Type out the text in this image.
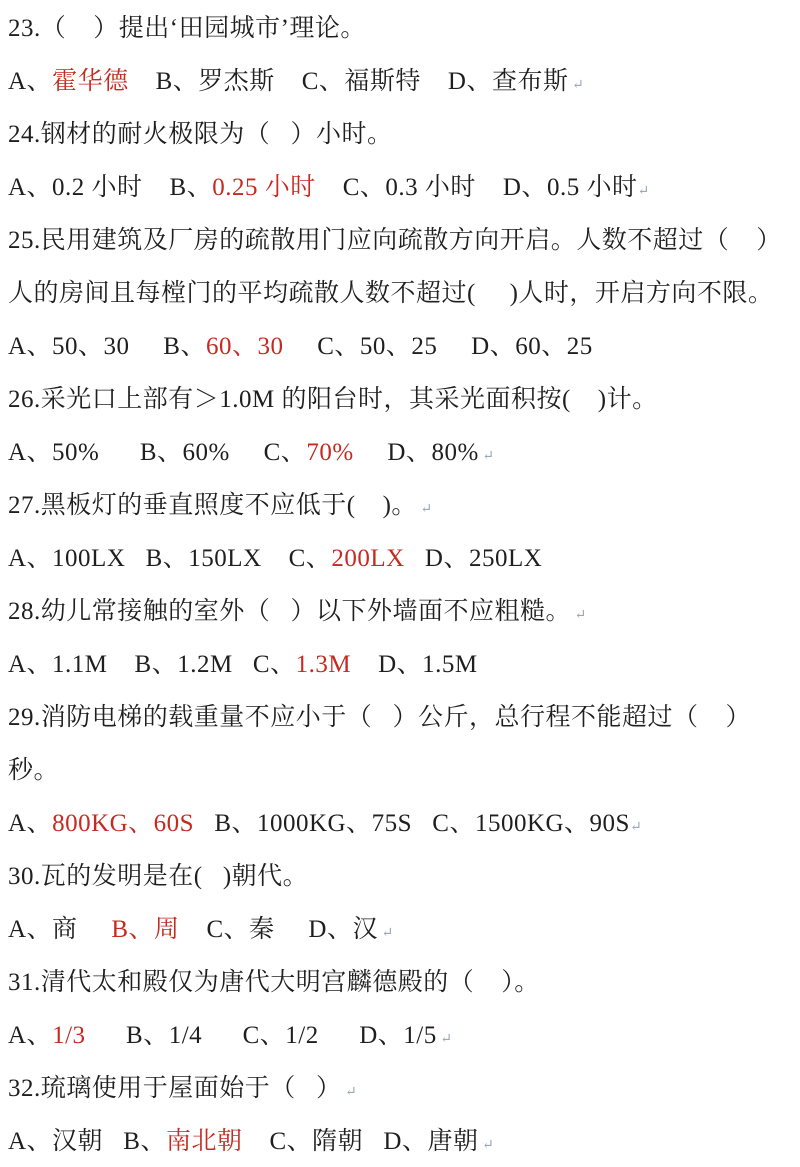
23.（    ）提出‘田园城市’理论。
A、霍华德    B、罗杰斯    C、福斯特    D、查布斯 ↵
24.钢材的耐火极限为（   ）小时。
A、0.2 小时    B、0.25 小时    C、0.3 小时    D、0.5 小时↵
25.民用建筑及厂房的疏散用门应向疏散方向开启。人数不超过（    ）
人的房间且每樘门的平均疏散人数不超过(     )人时，开启方向不限。
A、50、30     B、60、30     C、50、25     D、60、25
26.采光口上部有＞1.0M 的阳台时，其采光面积按(    )计。
A、50%      B、60%     C、70%     D、80% ↵
27.黑板灯的垂直照度不应低于(    )。 ↵
A、100LX   B、150LX    C、200LX   D、250LX
28.幼儿常接触的室外（   ）以下外墙面不应粗糙。 ↵
A、1.1M    B、1.2M   C、1.3M    D、1.5M
29.消防电梯的载重量不应小于（   ）公斤，总行程不能超过（    ）
秒。
A、800KG、60S   B、1000KG、75S   C、1500KG、90S↵
30.瓦的发明是在(   )朝代。
A、商     B、周    C、秦     D、汉 ↵
31.清代太和殿仅为唐代大明宫麟德殿的（    ）。
A、1/3      B、1/4      C、1/2      D、1/5 ↵
32.琉璃使用于屋面始于（   ） ↵
A、汉朝   B、南北朝    C、隋朝   D、唐朝 ↵
